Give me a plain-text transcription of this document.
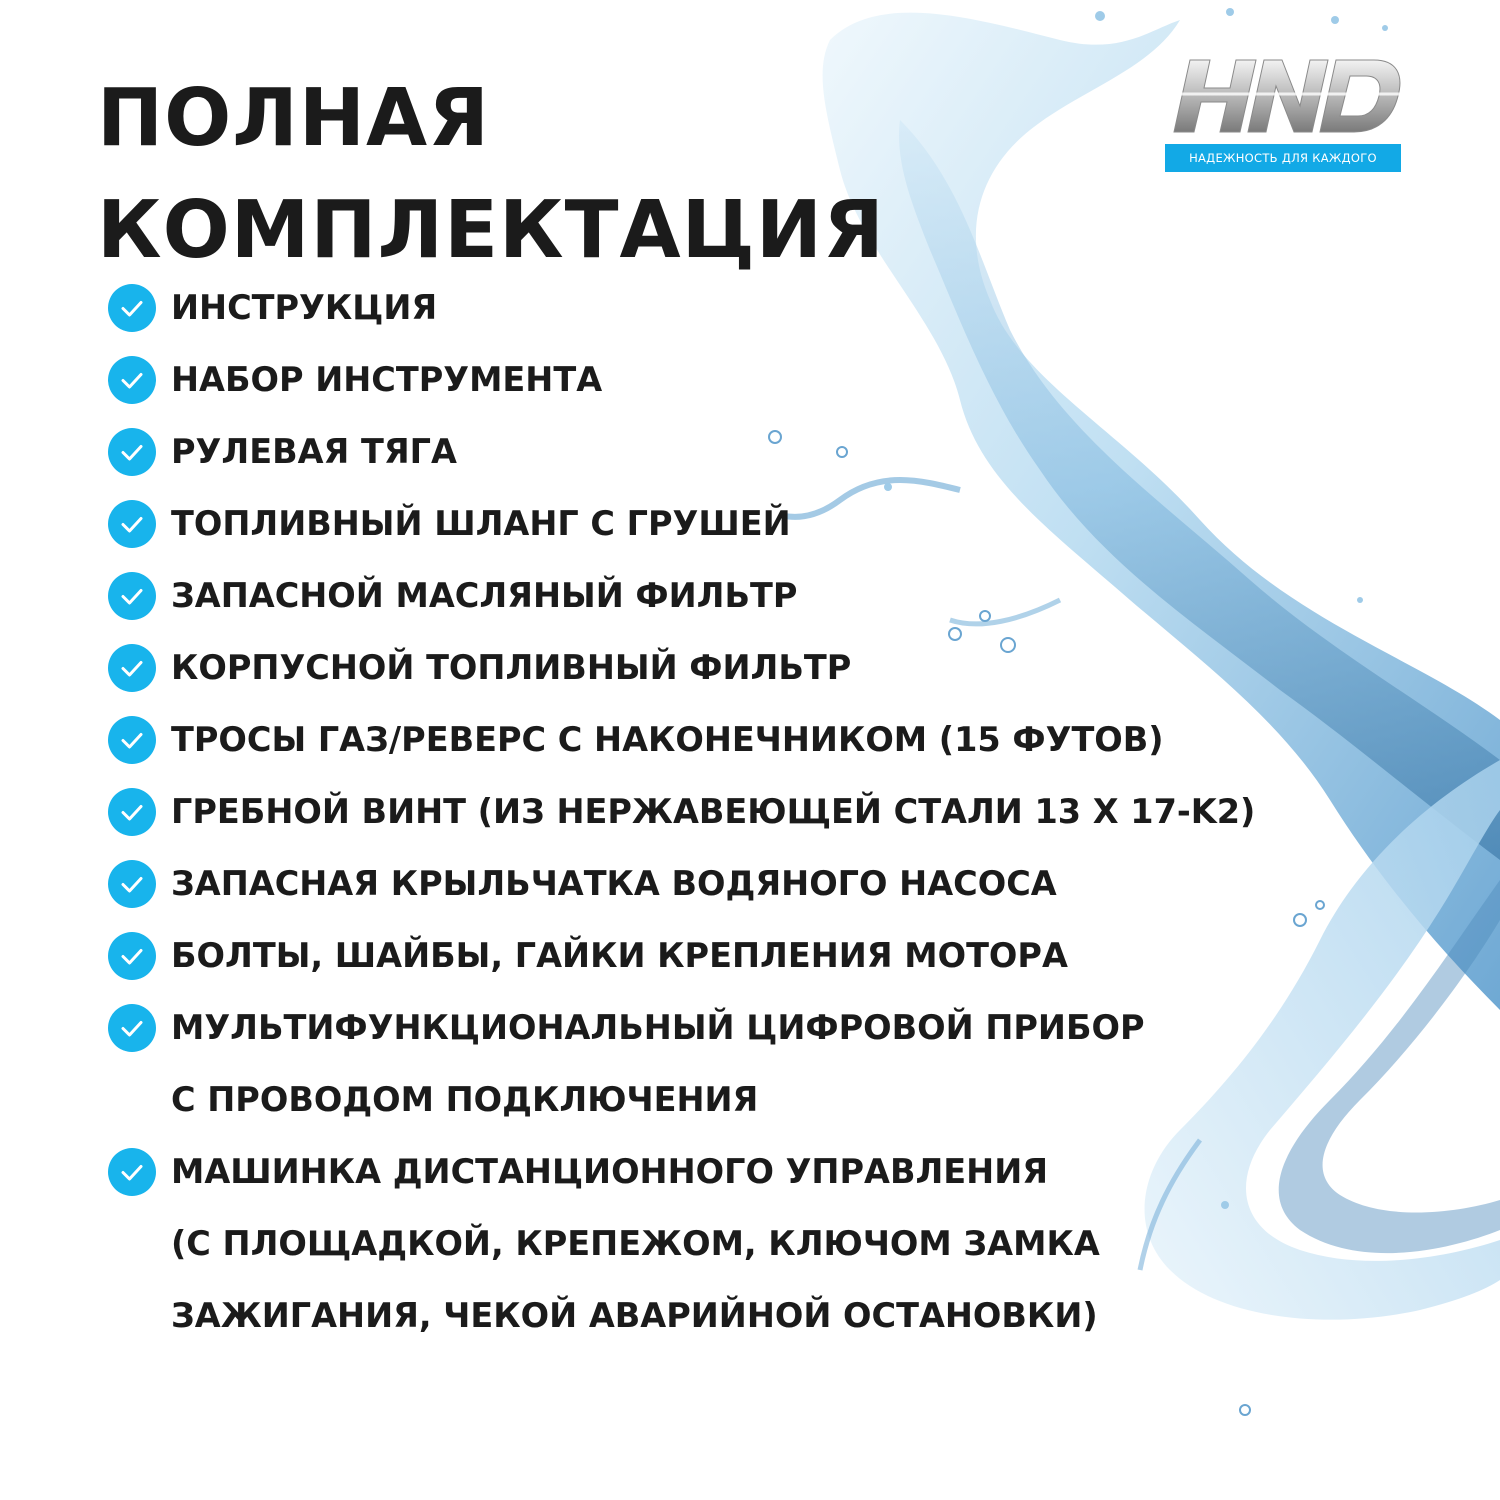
ПОЛНАЯ
КОМПЛЕКТАЦИЯ
НАДЕЖНОСТЬ ДЛЯ КАЖДОГО
ИНСТРУКЦИЯ
НАБОР ИНСТРУМЕНТА
РУЛЕВАЯ ТЯГА
ТОПЛИВНЫЙ ШЛАНГ С ГРУШЕЙ
ЗАПАСНОЙ МАСЛЯНЫЙ ФИЛЬТР
КОРПУСНОЙ ТОПЛИВНЫЙ ФИЛЬТР
ТРОСЫ ГАЗ/РЕВЕРС С НАКОНЕЧНИКОМ (15 ФУТОВ)
ГРЕБНОЙ ВИНТ (ИЗ НЕРЖАВЕЮЩЕЙ СТАЛИ 13 X 17-K2)
ЗАПАСНАЯ КРЫЛЬЧАТКА ВОДЯНОГО НАСОСА
БОЛТЫ, ШАЙБЫ, ГАЙКИ КРЕПЛЕНИЯ МОТОРА
МУЛЬТИФУНКЦИОНАЛЬНЫЙ ЦИФРОВОЙ ПРИБОР
С ПРОВОДОМ ПОДКЛЮЧЕНИЯ
МАШИНКА ДИСТАНЦИОННОГО УПРАВЛЕНИЯ
(С ПЛОЩАДКОЙ, КРЕПЕЖОМ, КЛЮЧОМ ЗАМКА
ЗАЖИГАНИЯ, ЧЕКОЙ АВАРИЙНОЙ ОСТАНОВКИ)
